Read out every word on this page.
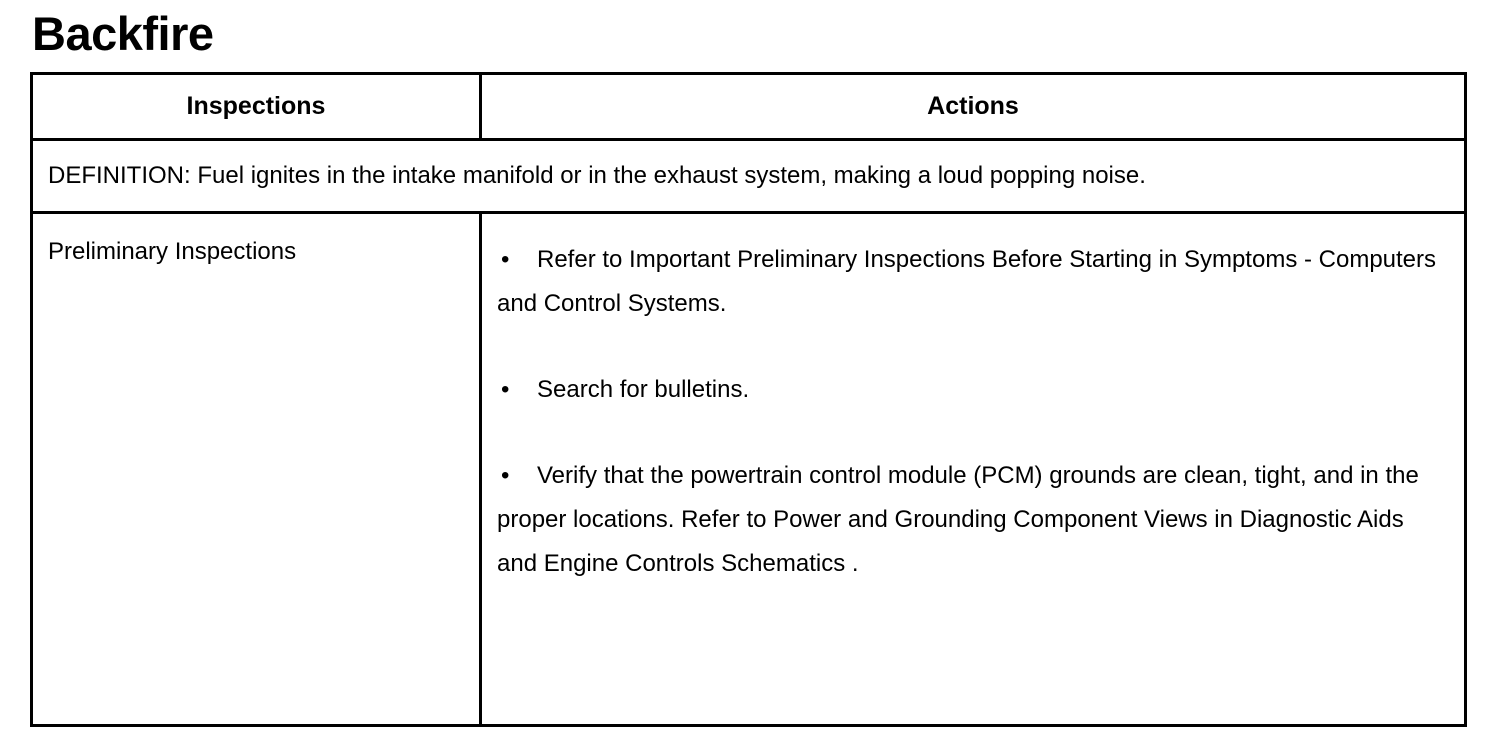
Backfire
Inspections	Actions
DEFINITION: Fuel ignites in the intake manifold or in the exhaust system, making a loud popping noise.	
Preliminary Inspections	• Refer to Important Preliminary Inspections Before Starting in Symptoms - Computers and Control Systems.
• Search for bulletins.
• Verify that the powertrain control module (PCM) grounds are clean, tight, and in the proper locations. Refer to Power and Grounding Component Views in Diagnostic Aids and Engine Controls Schematics .
